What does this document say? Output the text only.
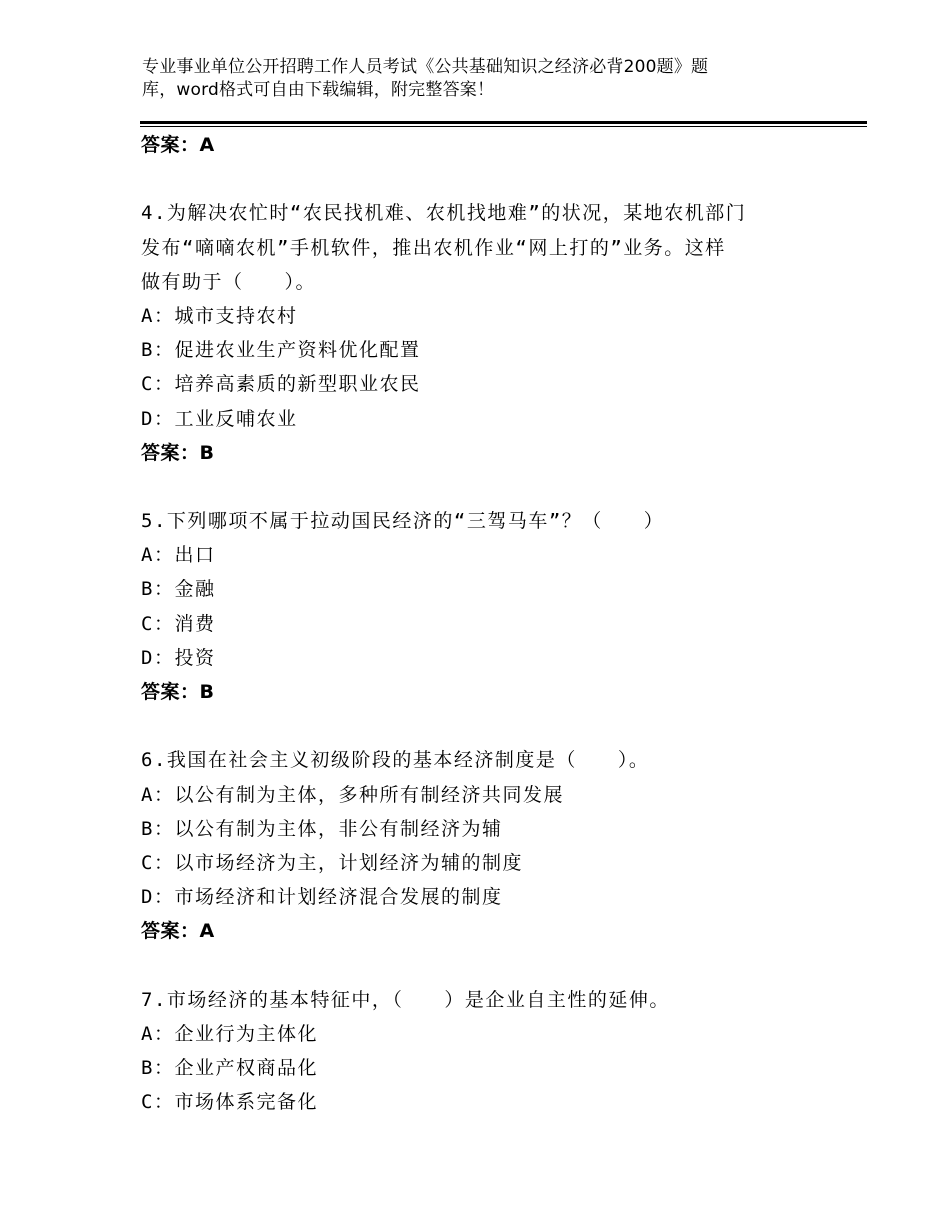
专业事业单位公开招聘工作人员考试《公共基础知识之经济必背200题》题
库，word格式可自由下载编辑，附完整答案！
答案：A
4.为解决农忙时“农民找机难、农机找地难”的状况，某地农机部门
发布“嘀嘀农机”手机软件，推出农机作业“网上打的”业务。这样
做有助于（　　）。
A：城市支持农村
B：促进农业生产资料优化配置
C：培养高素质的新型职业农民
D：工业反哺农业
答案：B
5.下列哪项不属于拉动国民经济的“三驾马车”？（　　）
A：出口
B：金融
C：消费
D：投资
答案：B
6.我国在社会主义初级阶段的基本经济制度是（　　）。
A：以公有制为主体，多种所有制经济共同发展
B：以公有制为主体，非公有制经济为辅
C：以市场经济为主，计划经济为辅的制度
D：市场经济和计划经济混合发展的制度
答案：A
7.市场经济的基本特征中，（　　）是企业自主性的延伸。
A：企业行为主体化
B：企业产权商品化
C：市场体系完备化
